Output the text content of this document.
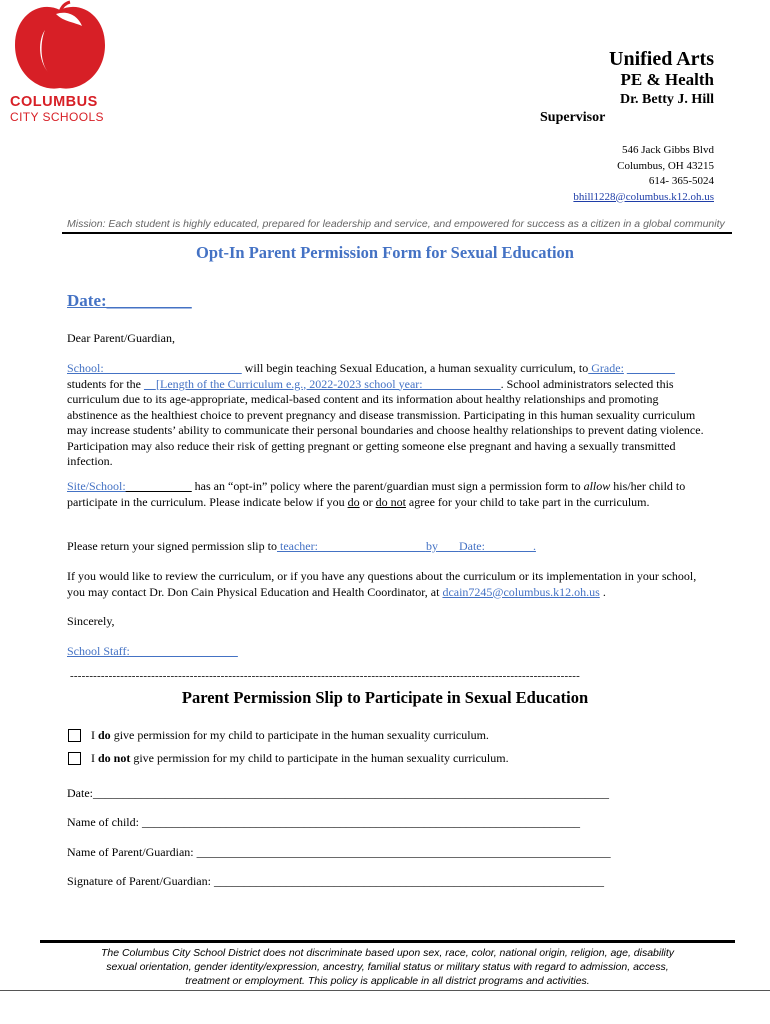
COLUMBUS
CITY SCHOOLS
Unified Arts
PE & Health
Dr. Betty J. Hill
Supervisor
546 Jack Gibbs Blvd
Columbus, OH 43215
614- 365-5024
bhill1228@columbus.k12.oh.us
Mission: Each student is highly educated, prepared for leadership and service, and empowered for success as a citizen in a global community
Opt-In Parent Permission Form for Sexual Education
Date:__________
Dear Parent/Guardian,
School:_______________________ will begin teaching Sexual Education, a human sexuality curriculum, to Grade: ________ students for the __[Length of the Curriculum e.g., 2022-2023 school year:_____________. School administrators selected this curriculum due to its age-appropriate, medical-based content and its information about healthy relationships and promoting abstinence as the healthiest choice to prevent pregnancy and disease transmission. Participating in this human sexuality curriculum may increase students’ ability to communicate their personal boundaries and choose healthy relationships to prevent dating violence. Participation may also reduce their risk of getting pregnant or getting someone else pregnant and having a sexually transmitted infection.
Site/School:___________ has an “opt-in” policy where the parent/guardian must sign a permission form to allow his/her child to participate in the curriculum. Please indicate below if you do or do not agree for your child to take part in the curriculum.
Please return your signed permission slip to teacher:_________________ by Date:________.
If you would like to review the curriculum, or if you have any questions about the curriculum or its implementation in your school, you may contact Dr. Don Cain Physical Education and Health Coordinator, at dcain7245@columbus.k12.oh.us .
Sincerely,
School Staff:__________________
------------------------------------------------------------------------------------------------------------------------------------
Parent Permission Slip to Participate in Sexual Education
I do give permission for my child to participate in the human sexuality curriculum.
I do not give permission for my child to participate in the human sexuality curriculum.
Date:______________________________________________________________________________________
Name of child: _________________________________________________________________________
Name of Parent/Guardian: _____________________________________________________________________
Signature of Parent/Guardian: _________________________________________________________________
The Columbus City School District does not discriminate based upon sex, race, color, national origin, religion, age, disability
sexual orientation, gender identity/expression, ancestry, familial status or military status with regard to admission, access,
treatment or employment. This policy is applicable in all district programs and activities.
